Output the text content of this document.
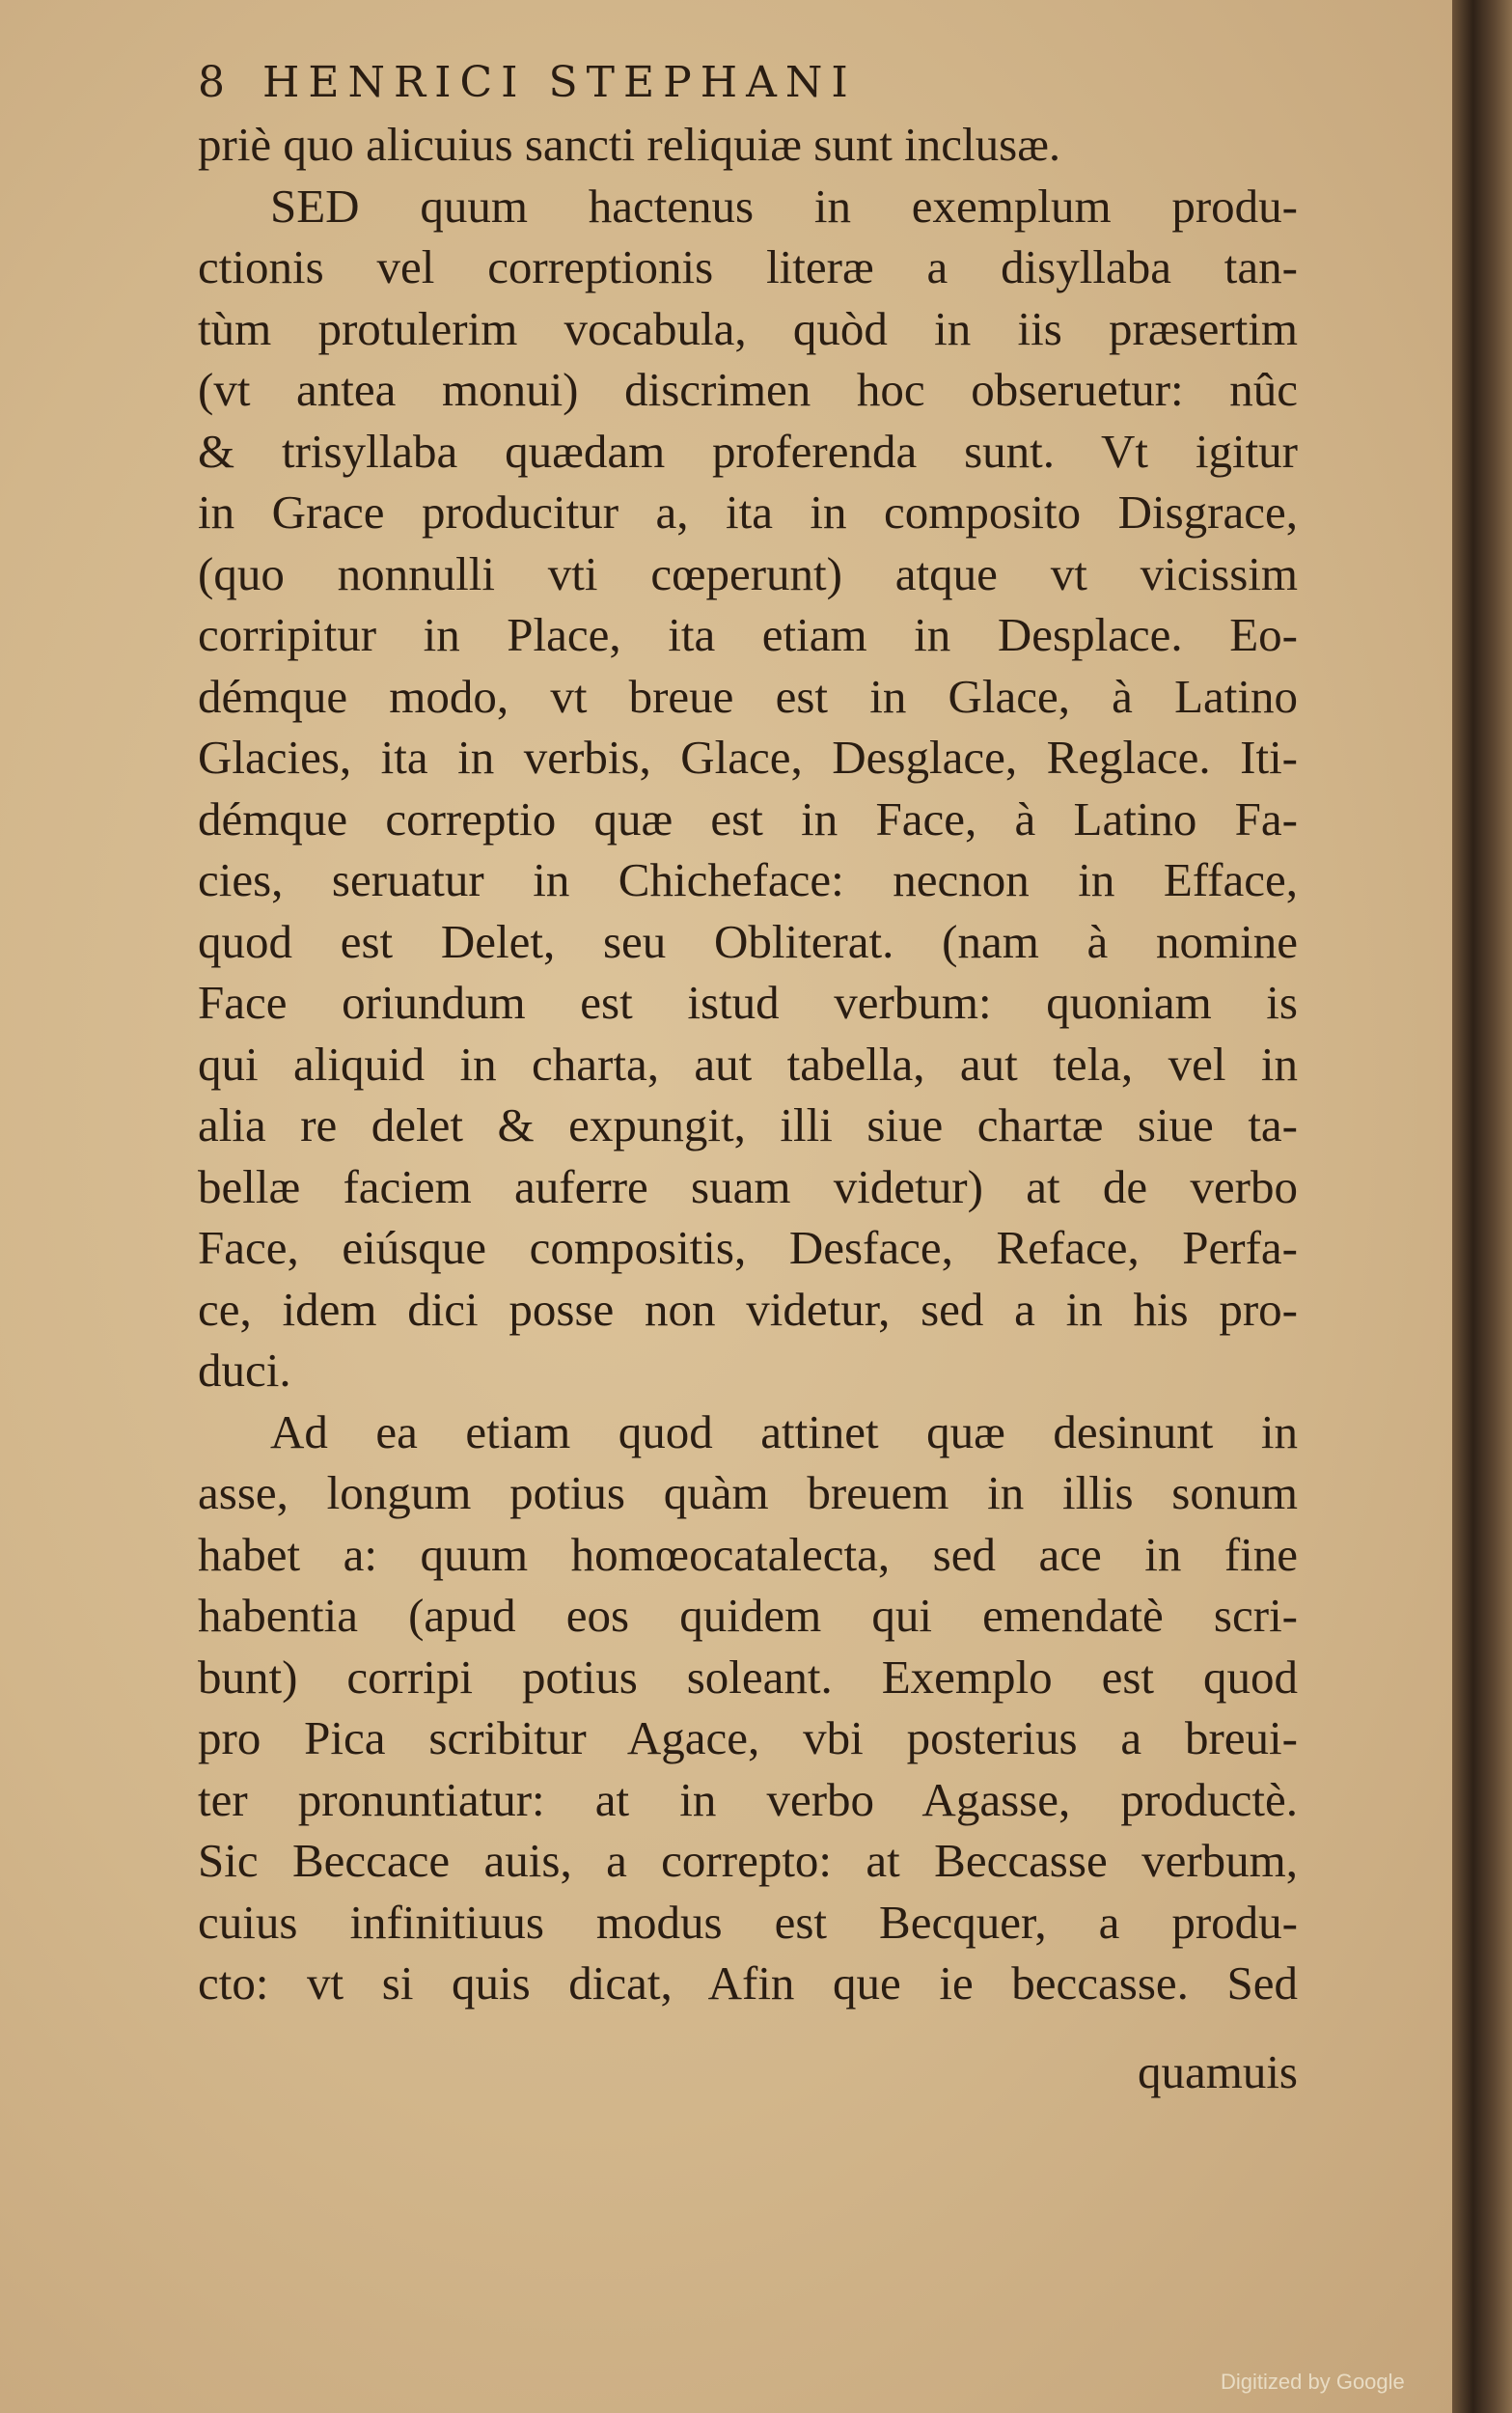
8 HENRICI STEPHANI
priè quo alicuius sancti reliquiæ sunt inclusæ.
SED quum hactenus in exemplum produ-
ctionis vel correptionis literæ a disyllaba tan-
tùm protulerim vocabula, quòd in iis præsertim
(vt antea monui) discrimen hoc obseruetur: nûc
& trisyllaba quædam proferenda sunt. Vt igitur
in Grace producitur a, ita in composito Disgrace,
(quo nonnulli vti cœperunt) atque vt vicissim
corripitur in Place, ita etiam in Desplace. Eo-
démque modo, vt breue est in Glace, à Latino
Glacies, ita in verbis, Glace, Desglace, Reglace. Iti-
démque correptio quæ est in Face, à Latino Fa-
cies, seruatur in Chicheface: necnon in Efface,
quod est Delet, seu Obliterat. (nam à nomine
Face oriundum est istud verbum: quoniam is
qui aliquid in charta, aut tabella, aut tela, vel in
alia re delet & expungit, illi siue chartæ siue ta-
bellæ faciem auferre suam videtur) at de verbo
Face, eiúsque compositis, Desface, Reface, Perfa-
ce, idem dici posse non videtur, sed a in his pro-
duci.
Ad ea etiam quod attinet quæ desinunt in
asse, longum potius quàm breuem in illis sonum
habet a: quum homœocatalecta, sed ace in fine
habentia (apud eos quidem qui emendatè scri-
bunt) corripi potius soleant. Exemplo est quod
pro Pica scribitur Agace, vbi posterius a breui-
ter pronuntiatur: at in verbo Agasse, productè.
Sic Beccace auis, a correpto: at Beccasse verbum,
cuius infinitiuus modus est Becquer, a produ-
cto: vt si quis dicat, Afin que ie beccasse. Sed
quamuis
Digitized by Google
